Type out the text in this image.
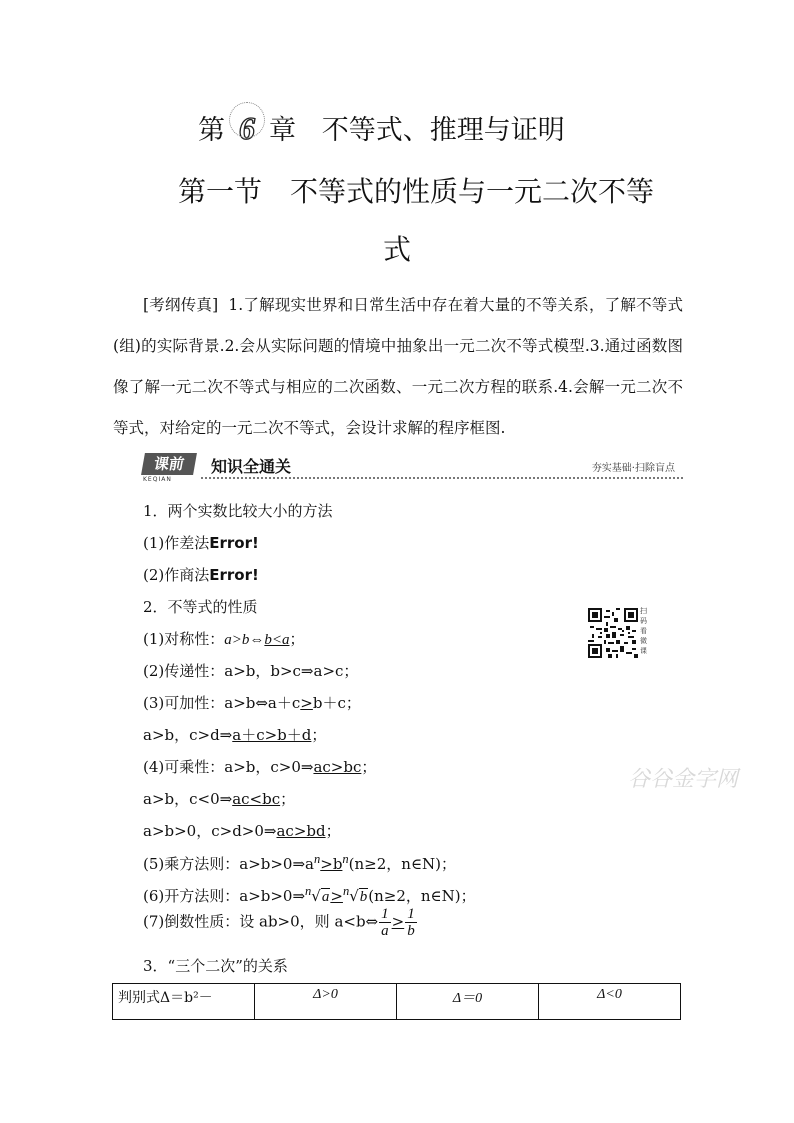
第 6 章 不等式、推理与证明
第一节　不等式的性质与一元二次不等
式
[考纲传真] 1.了解现实世界和日常生活中存在着大量的不等关系，了解不等式(组)的实际背景.2.会从实际问题的情境中抽象出一元二次不等式模型.3.通过函数图像了解一元二次不等式与相应的二次函数、一元二次方程的联系.4.会解一元二次不等式，对给定的一元二次不等式，会设计求解的程序框图.
课前
KEQIAN
知识全通关	夯实基础·扫除盲点
1．两个实数比较大小的方法
(1)作差法Error!
(2)作商法Error!
2．不等式的性质
(1)对称性：a>b⇔b<a；
(2)传递性：a>b，b>c⇒a>c；
(3)可加性：a>b⇔a＋c>b＋c；
a>b，c>d⇒a＋c>b＋d；
(4)可乘性：a>b，c>0⇒ac>bc；
a>b，c<0⇒ac<bc；
a>b>0，c>d>0⇒ac>bd；
(5)乘方法则：$a>b>0\Rightarrow a^n>b^n(n\ge 2$，n∈N)；
(6)开方法则：a>b>0⇒$^n$√a>$^n$√b(n≥2，n∈N)；
(7)倒数性质：设 ab>0，则 a<b⇔ $\frac{1}{a} > \frac{1}{b}$
3．“三个二次”的关系
扫码看微课
谷谷金字网
判别式Δ＝b²－	Δ>0	Δ＝0	Δ<0
